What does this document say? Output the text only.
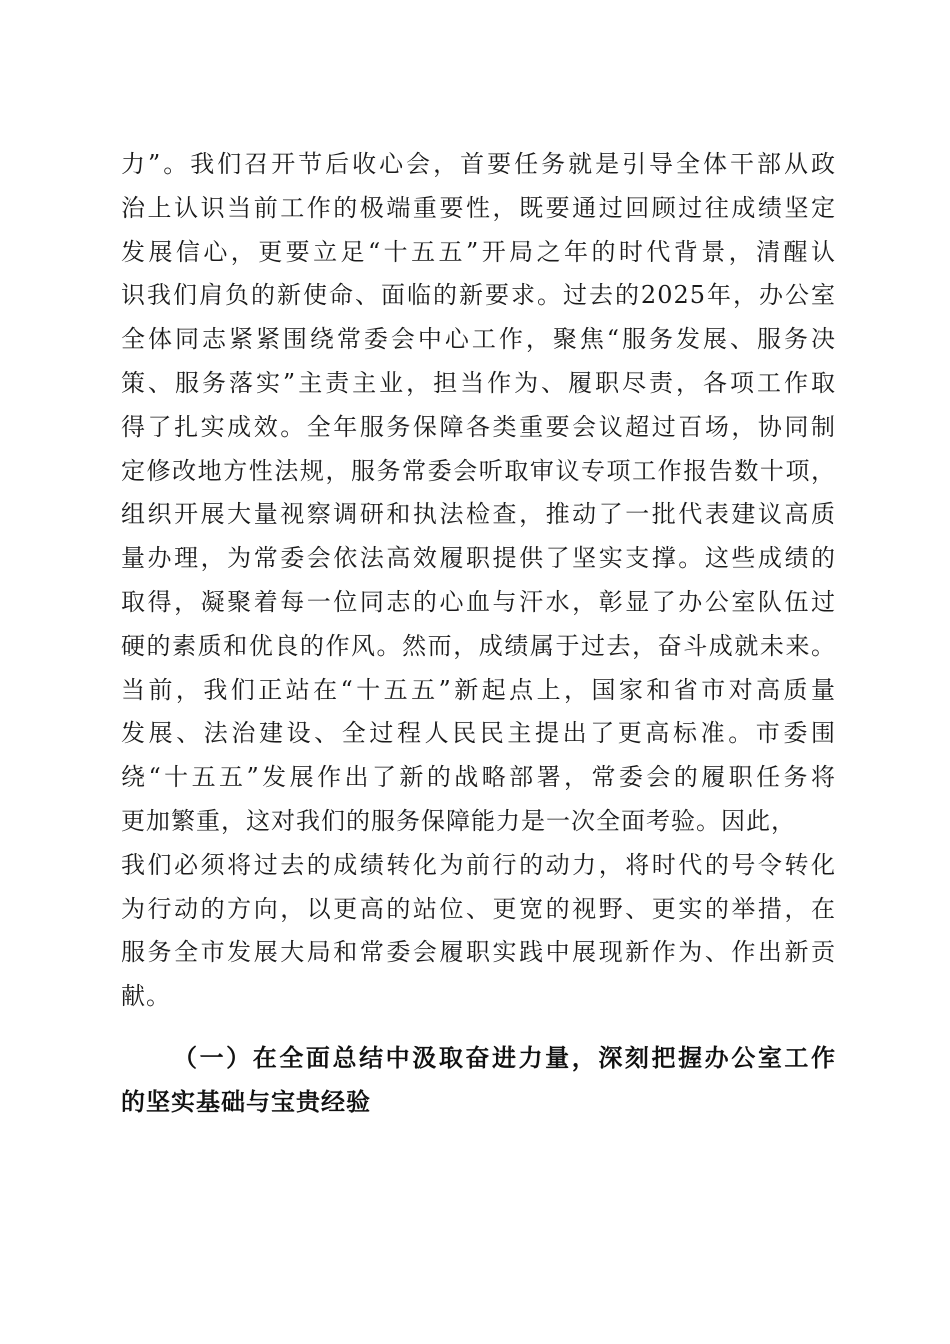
力”。我们召开节后收心会，首要任务就是引导全体干部从政
治上认识当前工作的极端重要性，既要通过回顾过往成绩坚定
发展信心，更要立足“十五五”开局之年的时代背景，清醒认
识我们肩负的新使命、面临的新要求。过去的2025年，办公室
全体同志紧紧围绕常委会中心工作，聚焦“服务发展、服务决
策、服务落实”主责主业，担当作为、履职尽责，各项工作取
得了扎实成效。全年服务保障各类重要会议超过百场，协同制
定修改地方性法规，服务常委会听取审议专项工作报告数十项，
组织开展大量视察调研和执法检查，推动了一批代表建议高质
量办理，为常委会依法高效履职提供了坚实支撑。这些成绩的
取得，凝聚着每一位同志的心血与汗水，彰显了办公室队伍过
硬的素质和优良的作风。然而，成绩属于过去，奋斗成就未来。
当前，我们正站在“十五五”新起点上，国家和省市对高质量
发展、法治建设、全过程人民民主提出了更高标准。市委围
绕“十五五”发展作出了新的战略部署，常委会的履职任务将
更加繁重，这对我们的服务保障能力是一次全面考验。因此，
我们必须将过去的成绩转化为前行的动力，将时代的号令转化
为行动的方向，以更高的站位、更宽的视野、更实的举措，在
服务全市发展大局和常委会履职实践中展现新作为、作出新贡
献。
（一）在全面总结中汲取奋进力量，深刻把握办公室工作
的坚实基础与宝贵经验
